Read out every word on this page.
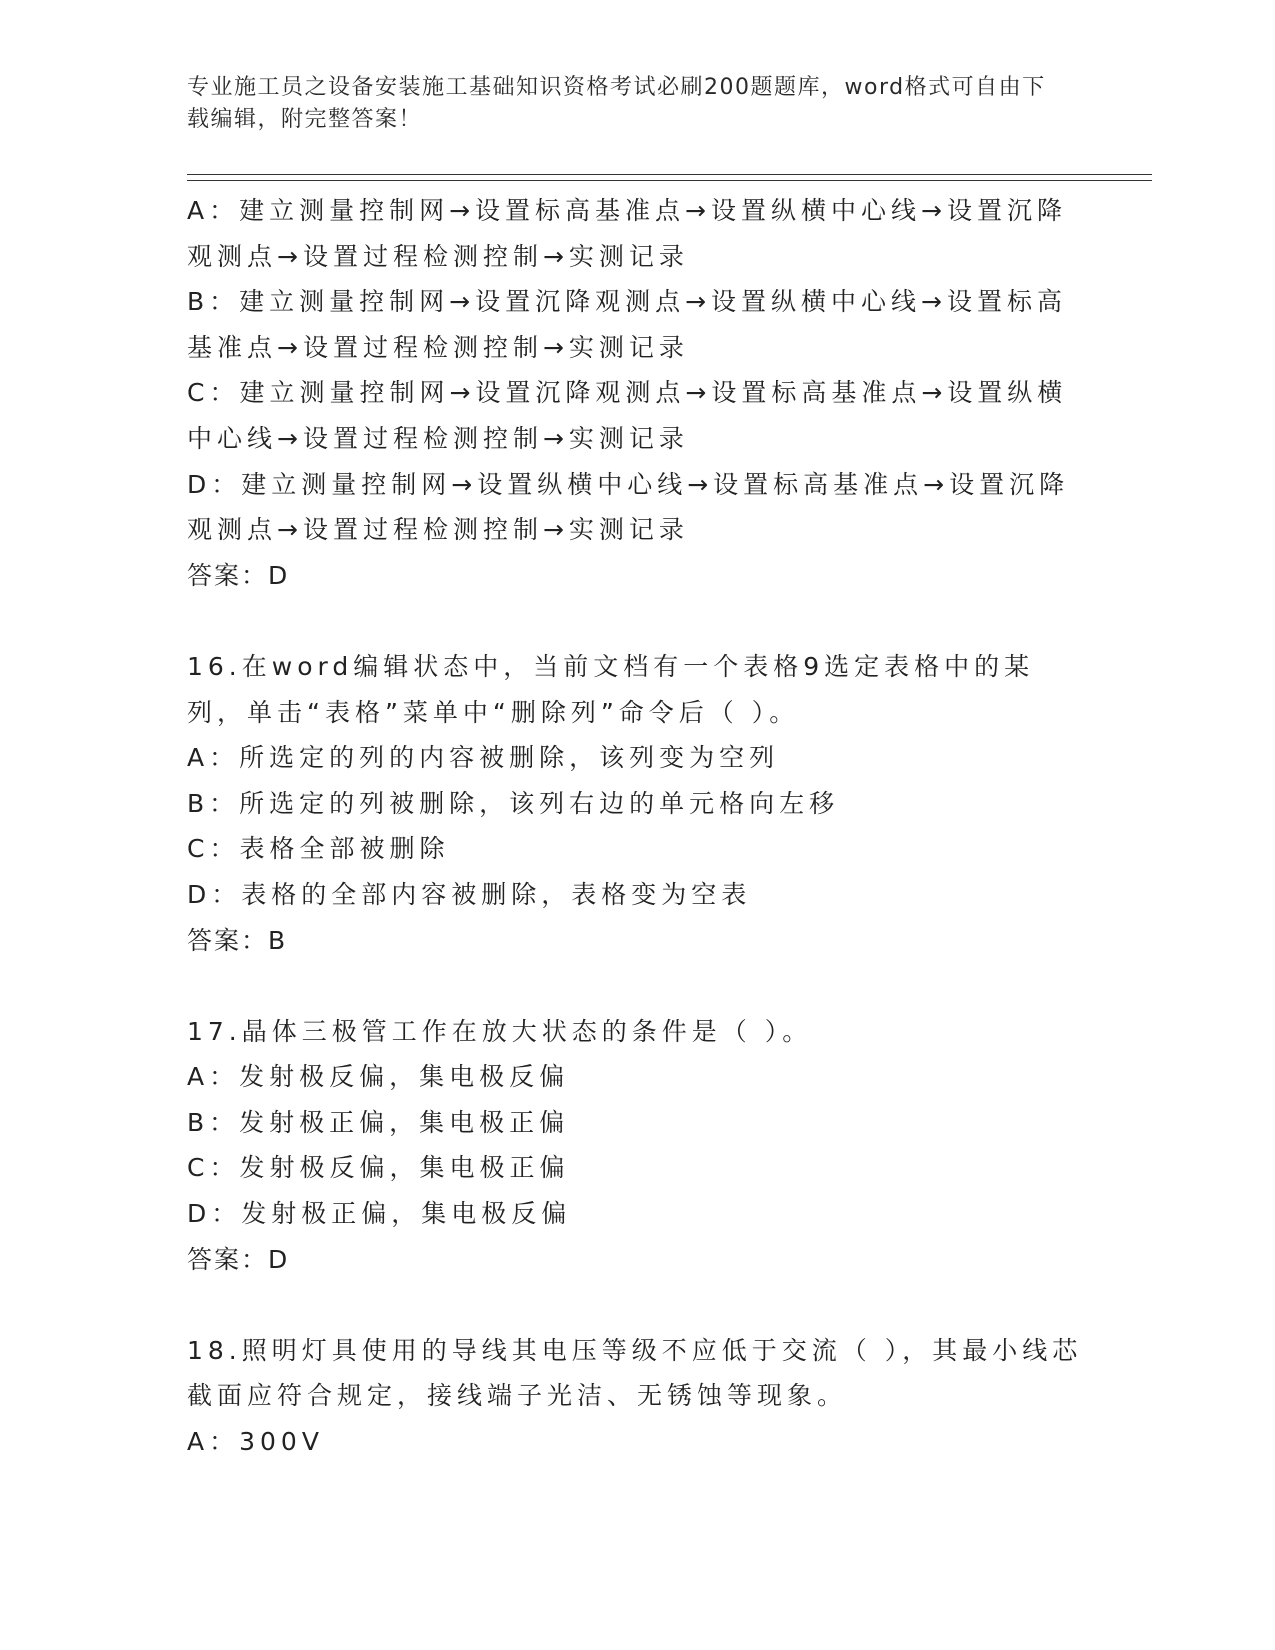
专业施工员之设备安装施工基础知识资格考试必刷200题题库，word格式可自由下载编辑，附完整答案！

A：建立测量控制网→设置标高基准点→设置纵横中心线→设置沉降观测点→设置过程检测控制→实测记录

B：建立测量控制网→设置沉降观测点→设置纵横中心线→设置标高基准点→设置过程检测控制→实测记录

C：建立测量控制网→设置沉降观测点→设置标高基准点→设置纵横中心线→设置过程检测控制→实测记录

D：建立测量控制网→设置纵横中心线→设置标高基准点→设置沉降观测点→设置过程检测控制→实测记录

答案：D

16.在word编辑状态中，当前文档有一个表格9选定表格中的某列，单击“表格”菜单中“删除列”命令后（ ）。

A：所选定的列的内容被删除，该列变为空列

B：所选定的列被删除，该列右边的单元格向左移

C：表格全部被删除

D：表格的全部内容被删除，表格变为空表

答案：B

17.晶体三极管工作在放大状态的条件是（ ）。

A：发射极反偏，集电极反偏

B：发射极正偏，集电极正偏

C：发射极反偏，集电极正偏

D：发射极正偏，集电极反偏

答案：D

18.照明灯具使用的导线其电压等级不应低于交流（ ），其最小线芯截面应符合规定，接线端子光洁、无锈蚀等现象。

A：300V
